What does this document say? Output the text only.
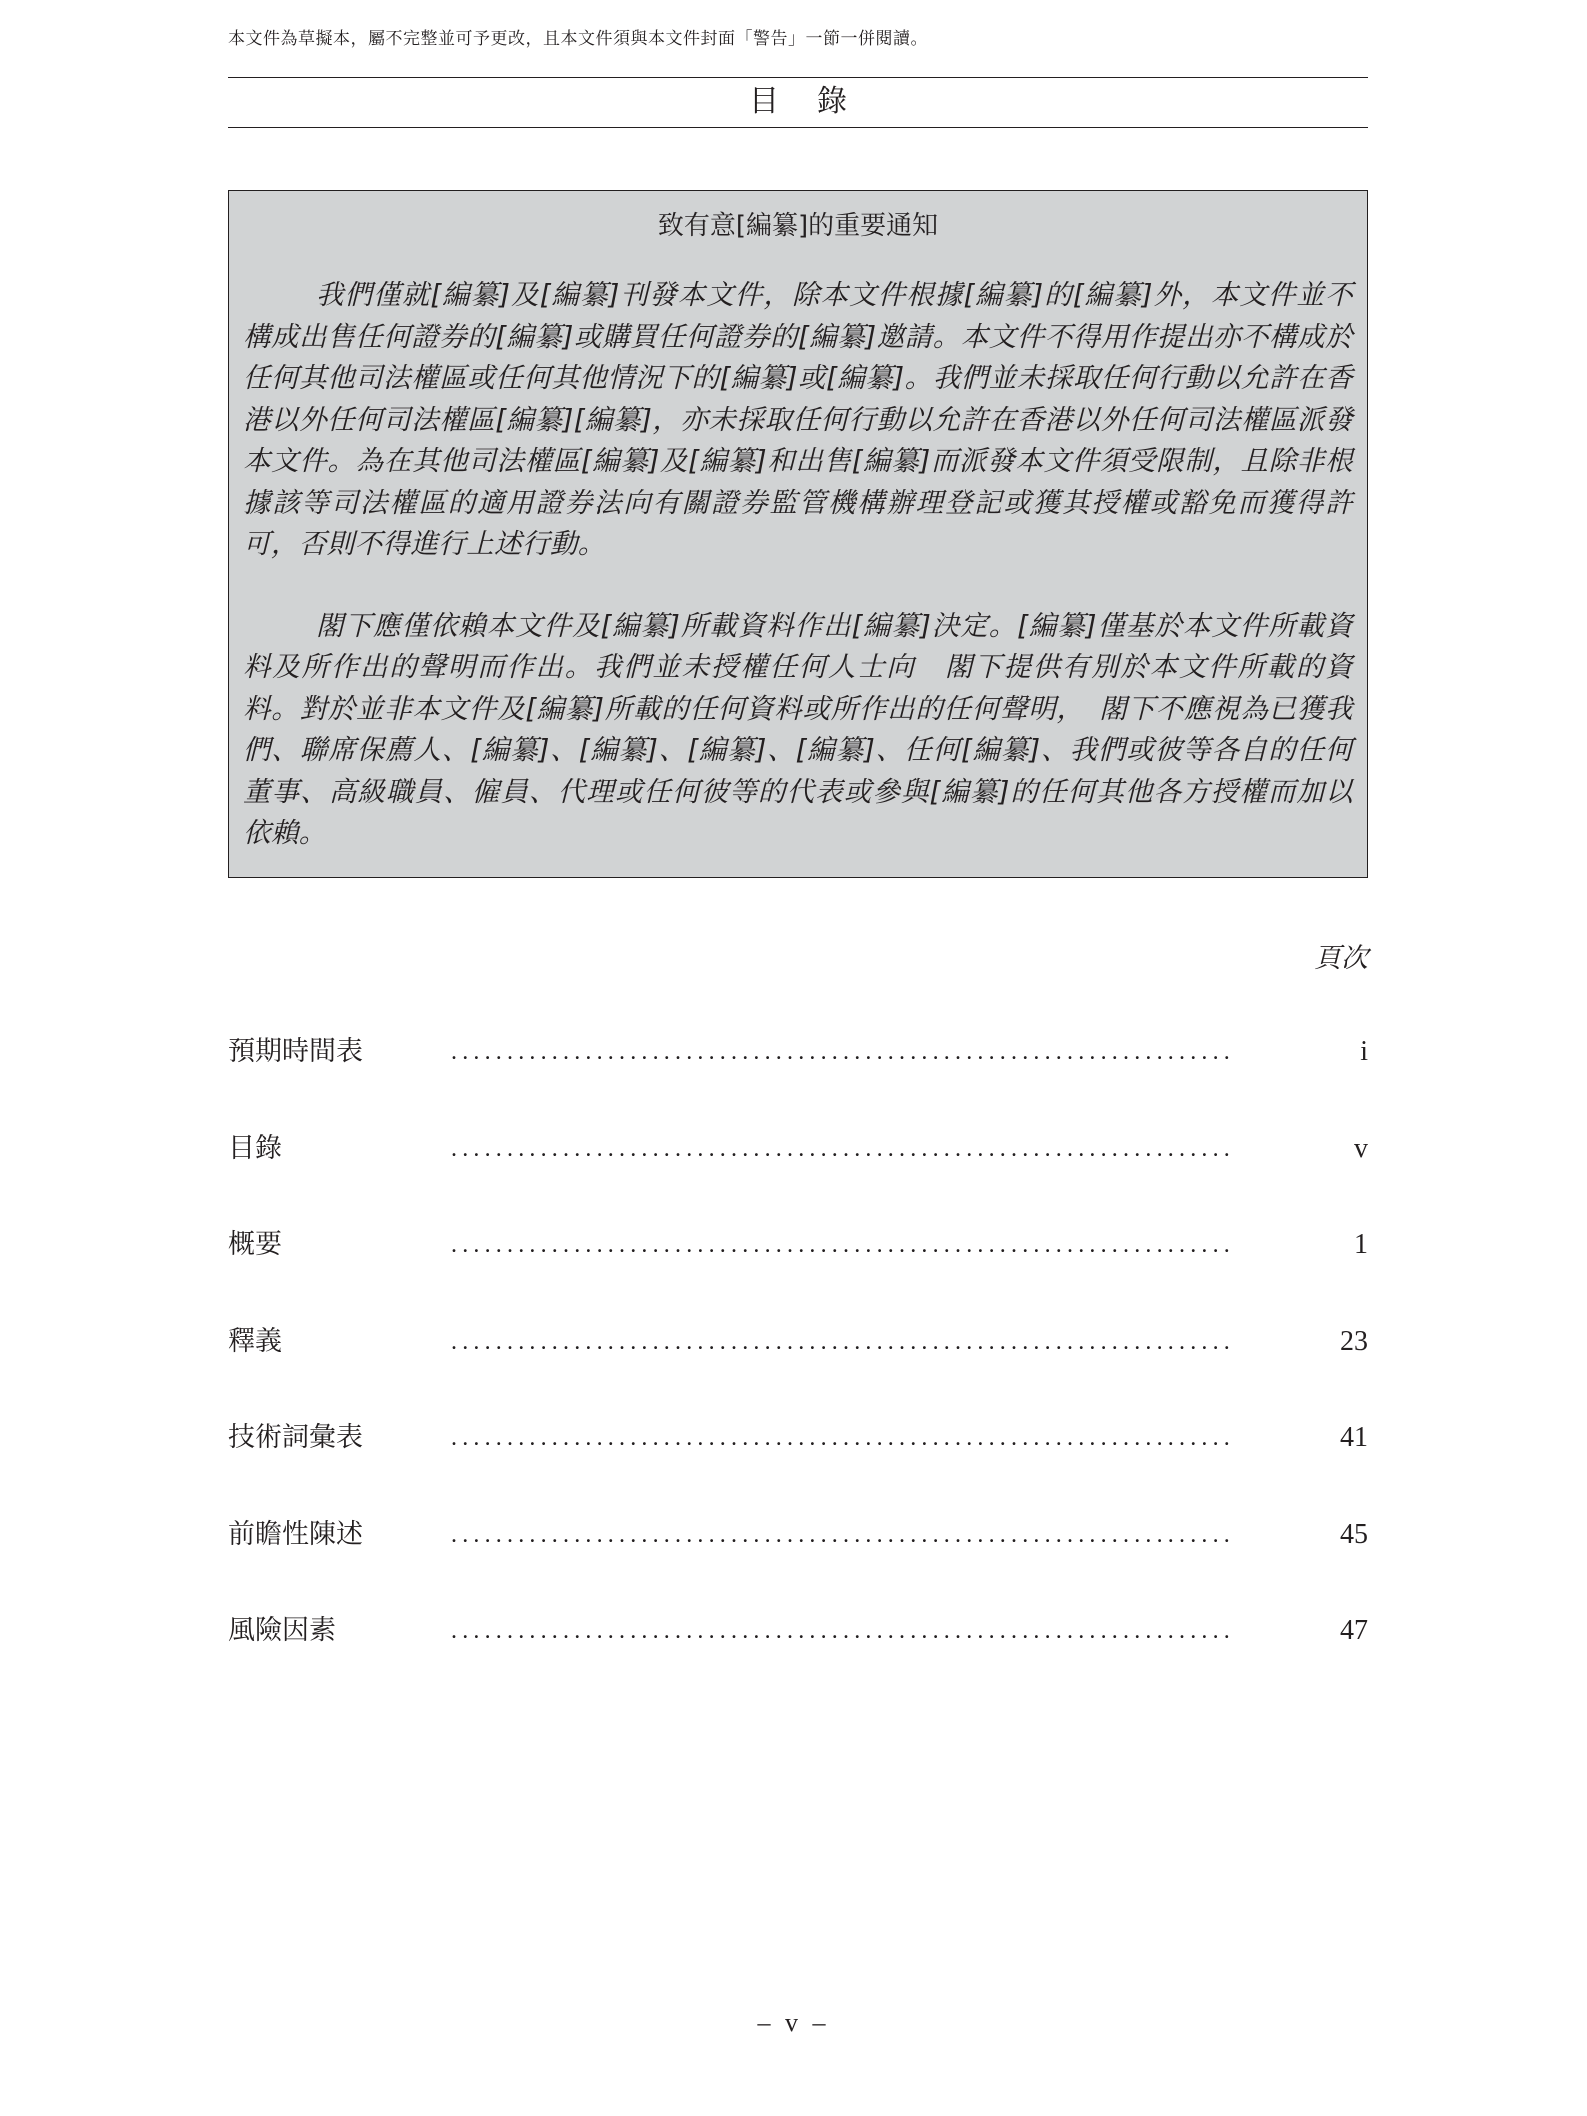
本文件為草擬本，屬不完整並可予更改，且本文件須與本文件封面「警告」一節一併閱讀。
目錄
致有意[編纂]的重要通知

我們僅就[編纂]及[編纂]刊發本文件，除本文件根據[編纂]的[編纂]外，本文件並不構成出售任何證券的[編纂]或購買任何證券的[編纂]邀請。本文件不得用作提出亦不構成於任何其他司法權區或任何其他情況下的[編纂]或[編纂]。我們並未採取任何行動以允許在香港以外任何司法權區[編纂][編纂]，亦未採取任何行動以允許在香港以外任何司法權區派發本文件。為在其他司法權區[編纂]及[編纂]和出售[編纂]而派發本文件須受限制，且除非根據該等司法權區的適用證券法向有關證券監管機構辦理登記或獲其授權或豁免而獲得許可，否則不得進行上述行動。

閣下應僅依賴本文件及[編纂]所載資料作出[編纂]決定。[編纂]僅基於本文件所載資料及所作出的聲明而作出。我們並未授權任何人士向　閣下提供有別於本文件所載的資料。對於並非本文件及[編纂]所載的任何資料或所作出的任何聲明，　閣下不應視為已獲我們、聯席保薦人、[編纂]、[編纂]、[編纂]、[編纂]、任何[編纂]、我們或彼等各自的任何董事、高級職員、僱員、代理或任何彼等的代表或參與[編纂]的任何其他各方授權而加以依賴。

頁次
......................................................................
預期時間表	i
......................................................................
目錄	v
......................................................................
概要	1
......................................................................
釋義	23
......................................................................
技術詞彙表	41
......................................................................
前瞻性陳述	45
......................................................................
風險因素	47
– v –
